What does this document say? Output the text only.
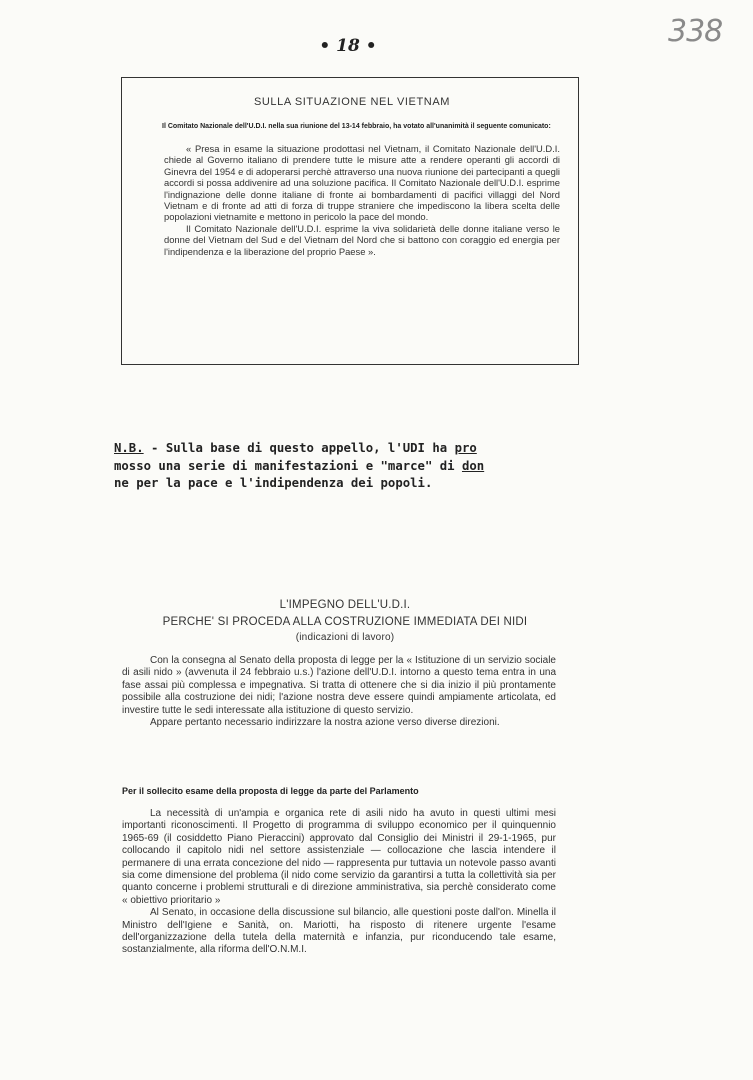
• 18 •	338
SULLA SITUAZIONE NEL VIETNAM
Il Comitato Nazionale dell'U.D.I. nella sua riunione del 13-14 febbraio, ha votato all'unanimità il seguente comunicato:

« Presa in esame la situazione prodottasi nel Vietnam, il Comitato Nazionale dell'U.D.I. chiede al Governo italiano di prendere tutte le misure atte a rendere operanti gli accordi di Ginevra del 1954 e di adoperarsi perchè attraverso una nuova riunione dei partecipanti a quegli accordi si possa addivenire ad una soluzione pacifica. Il Comitato Nazionale dell'U.D.I. esprime l'indignazione delle donne italiane di fronte ai bombardamenti di pacifici villaggi del Nord Vietnam e di fronte ad atti di forza di truppe straniere che impediscono la libera scelta delle popolazioni vietnamite e mettono in pericolo la pace del mondo.

Il Comitato Nazionale dell'U.D.I. esprime la viva solidarietà delle donne italiane verso le donne del Vietnam del Sud e del Vietnam del Nord che si battono con coraggio ed energia per l'indipendenza e la liberazione del proprio Paese ».

N.B. - Sulla base di questo appello, l'UDI ha pro
mosso una serie di manifestazioni e "marce" di don
ne per la pace e l'indipendenza dei popoli.
L'IMPEGNO DELL'U.D.I.
PERCHE' SI PROCEDA ALLA COSTRUZIONE IMMEDIATA DEI NIDI
(indicazioni di lavoro)

Con la consegna al Senato della proposta di legge per la « Istituzione di un servizio sociale di asili nido » (avvenuta il 24 febbraio u.s.) l'azione dell'U.D.I. intorno a questo tema entra in una fase assai più complessa e impegnativa. Si tratta di ottenere che si dia inizio il più prontamente possibile alla costruzione dei nidi; l'azione nostra deve essere quindi ampiamente articolata, ed investire tutte le sedi interessate alla istituzione di questo servizio.

Appare pertanto necessario indirizzare la nostra azione verso diverse direzioni.

Per il sollecito esame della proposta di legge da parte del Parlamento

La necessità di un'ampia e organica rete di asili nido ha avuto in questi ultimi mesi importanti riconoscimenti. Il Progetto di programma di sviluppo economico per il quinquennio 1965-69 (il cosiddetto Piano Pieraccini) approvato dal Consiglio dei Ministri il 29-1-1965, pur collocando il capitolo nidi nel settore assistenziale — collocazione che lascia intendere il permanere di una errata concezione del nido — rappresenta pur tuttavia un notevole passo avanti sia come dimensione del problema (il nido come servizio da garantirsi a tutta la collettività sia per quanto concerne i problemi strutturali e di direzione amministrativa, sia perchè considerato come « obiettivo prioritario »

Al Senato, in occasione della discussione sul bilancio, alle questioni poste dall'on. Minella il Ministro dell'Igiene e Sanità, on. Mariotti, ha risposto di ritenere urgente l'esame dell'organizzazione della tutela della maternità e infanzia, pur riconducendo tale esame, sostanzialmente, alla riforma dell'O.N.M.I.
